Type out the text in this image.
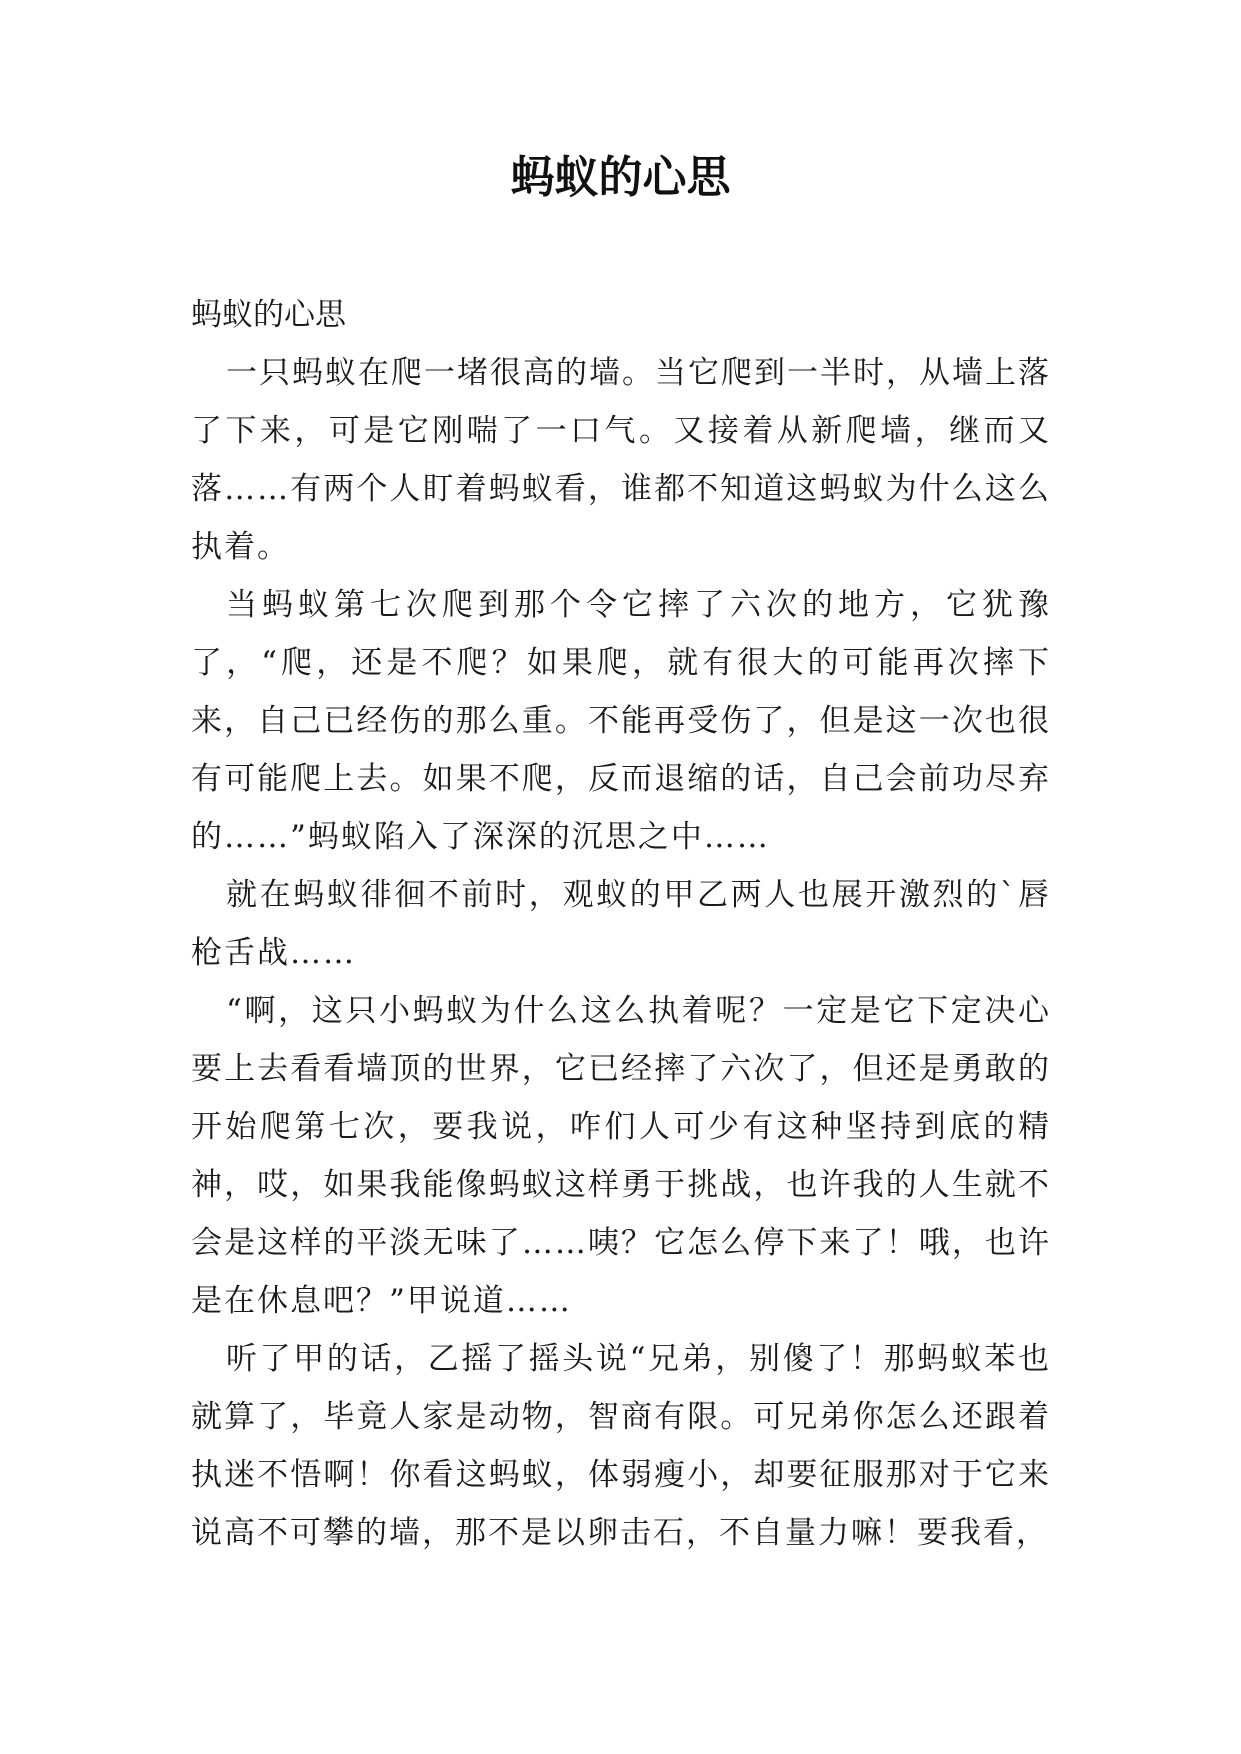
蚂蚁的心思

蚂蚁的心思

一只蚂蚁在爬一堵很高的墙。当它爬到一半时，从墙上落了下来，可是它刚喘了一口气。又接着从新爬墙，继而又落……有两个人盯着蚂蚁看，谁都不知道这蚂蚁为什么这么执着。

当蚂蚁第七次爬到那个令它摔了六次的地方，它犹豫了，“爬，还是不爬？如果爬，就有很大的可能再次摔下来，自己已经伤的那么重。不能再受伤了，但是这一次也很有可能爬上去。如果不爬，反而退缩的话，自己会前功尽弃的……”蚂蚁陷入了深深的沉思之中……

就在蚂蚁徘徊不前时，观蚁的甲乙两人也展开激烈的`唇枪舌战……

“啊，这只小蚂蚁为什么这么执着呢？一定是它下定决心要上去看看墙顶的世界，它已经摔了六次了，但还是勇敢的开始爬第七次，要我说，咋们人可少有这种坚持到底的精神，哎，如果我能像蚂蚁这样勇于挑战，也许我的人生就不会是这样的平淡无味了……咦？它怎么停下来了！哦，也许是在休息吧？”甲说道……

听了甲的话，乙摇了摇头说“兄弟，别傻了！那蚂蚁苯也就算了，毕竟人家是动物，智商有限。可兄弟你怎么还跟着执迷不悟啊！你看这蚂蚁，体弱瘦小，却要征服那对于它来说高不可攀的墙，那不是以卵击石，不自量力嘛！要我看，
